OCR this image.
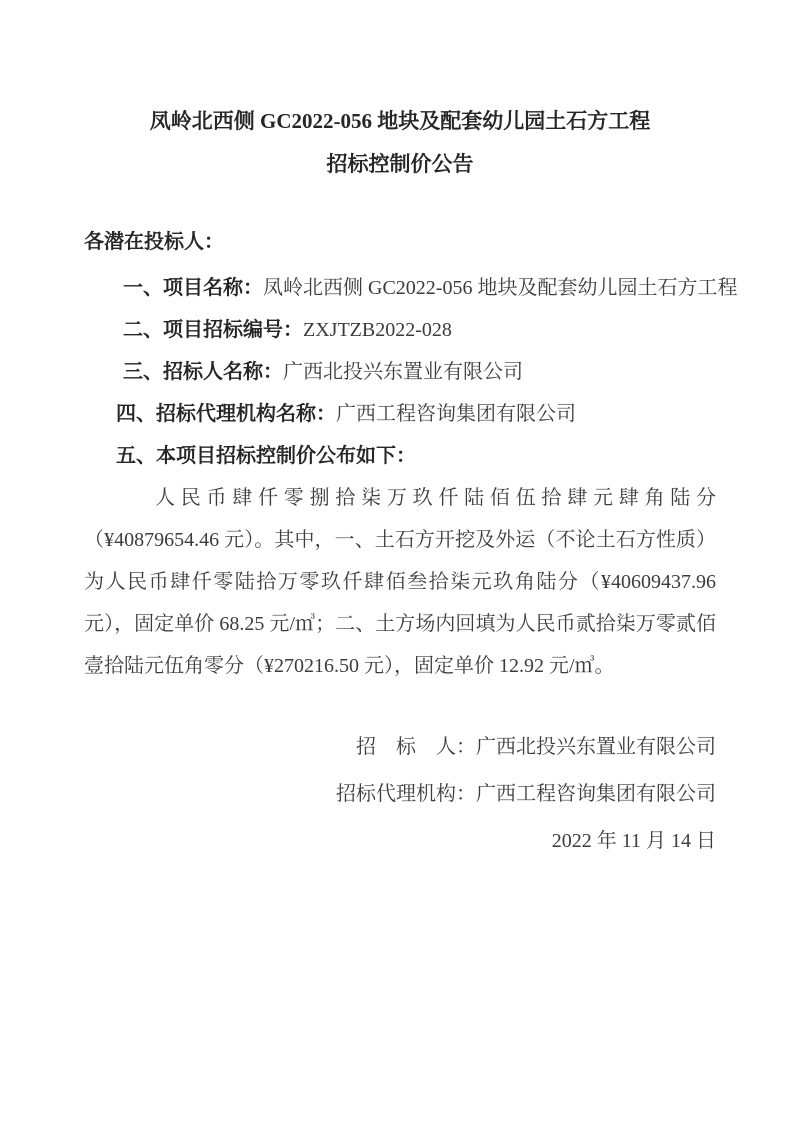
凤岭北西侧 GC2022-056 地块及配套幼儿园土石方工程
招标控制价公告

各潜在投标人：

一、项目名称：凤岭北西侧 GC2022-056 地块及配套幼儿园土石方工程
二、项目招标编号：ZXJTZB2022-028
三、招标人名称：广西北投兴东置业有限公司
四、招标代理机构名称：广西工程咨询集团有限公司
五、本项目招标控制价公布如下：

人民币肆仟零捌拾柒万玖仟陆佰伍拾肆元肆角陆分（¥40879654.46 元）。其中，一、土石方开挖及外运（不论土石方性质）为人民币肆仟零陆拾万零玖仟肆佰叁拾柒元玖角陆分（¥40609437.96 元），固定单价 68.25 元/㎥；二、土方场内回填为人民币贰拾柒万零贰佰壹拾陆元伍角零分（¥270216.50 元），固定单价 12.92 元/㎥。

招　标　人：广西北投兴东置业有限公司
招标代理机构：广西工程咨询集团有限公司
2022 年 11 月 14 日
